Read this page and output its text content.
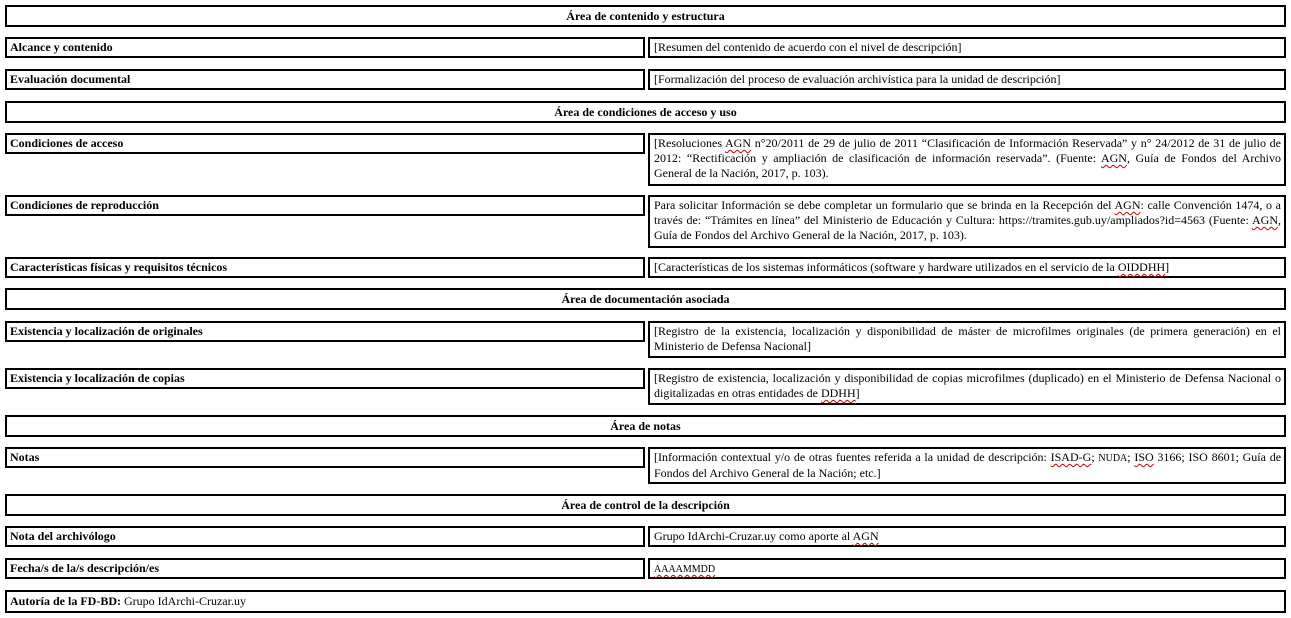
Área de contenido y estructura
Alcance y contenido	[Resumen del contenido de acuerdo con el nivel de descripción]
Evaluación documental	[Formalización del proceso de evaluación archivística para la unidad de descripción]
Área de condiciones de acceso y uso
Condiciones de acceso	[Resoluciones AGN n°20/2011 de 29 de julio de 2011 “Clasificación de Información Reservada” y n° 24/2012 de 31 de julio de 2012: “Rectificación y ampliación de clasificación de información reservada”. (Fuente: AGN, Guía de Fondos del Archivo General de la Nación, 2017, p. 103).
Condiciones de reproducción	Para solicitar Información se debe completar un formulario que se brinda en la Recepción del AGN: calle Convención 1474, o a través de: “Trámites en línea” del Ministerio de Educación y Cultura: https://tramites.gub.uy/ampliados?id=4563 (Fuente: AGN, Guía de Fondos del Archivo General de la Nación, 2017, p. 103).
Características físicas y requisitos técnicos	[Características de los sistemas informáticos (software y hardware utilizados en el servicio de la OIDDHH]
Área de documentación asociada
Existencia y localización de originales	[Registro de la existencia, localización y disponibilidad de máster de microfilmes originales (de primera generación) en el Ministerio de Defensa Nacional]
Existencia y localización de copias	[Registro de existencia, localización y disponibilidad de copias microfilmes (duplicado) en el Ministerio de Defensa Nacional o digitalizadas en otras entidades de DDHH]
Área de notas
Notas	[Información contextual y/o de otras fuentes referida a la unidad de descripción: ISAD-G; NUDA; ISO 3166; ISO 8601; Guía de Fondos del Archivo General de la Nación; etc.]
Área de control de la descripción
Nota del archivólogo	Grupo IdArchi-Cruzar.uy como aporte al AGN
Fecha/s de la/s descripción/es	AAAAMMDD
Autoría de la FD-BD: Grupo IdArchi-Cruzar.uy
